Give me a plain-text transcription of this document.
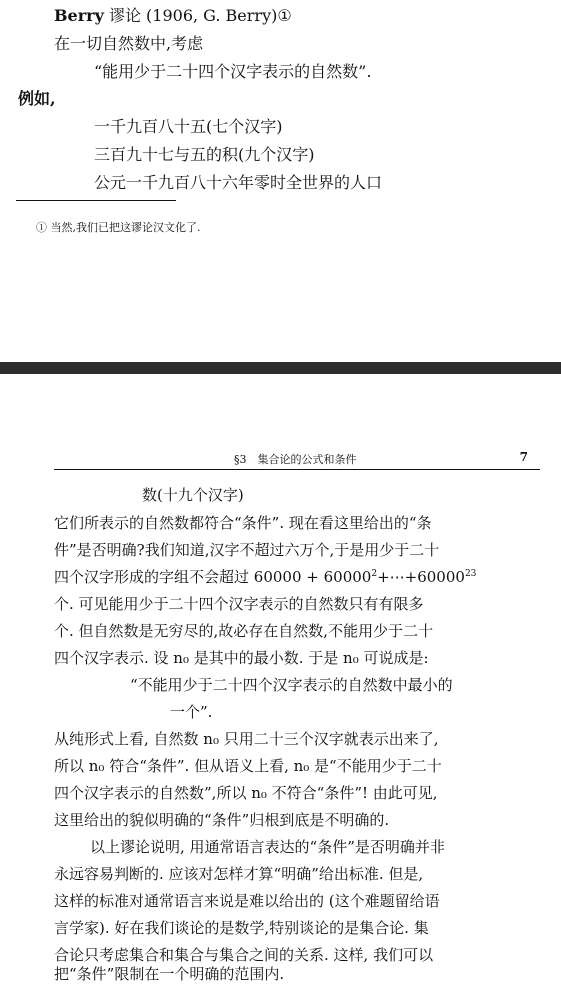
Berry 谬论 (1906, G. Berry)①
在一切自然数中,考虑
“能用少于二十四个汉字表示的自然数”.
例如,
一千九百八十五(七个汉字)
三百九十七与五的积(九个汉字)
公元一千九百八十六年零时全世界的人口
① 当然,我们已把这谬论汉文化了.
§3　集合论的公式和条件	7
数(十九个汉字)
它们所表示的自然数都符合“条件”. 现在看这里给出的“条
件”是否明确?我们知道,汉字不超过六万个,于是用少于二十
四个汉字形成的字组不会超过 $60000 + 60000^2+\cdots+60000^{23}$
个. 可见能用少于二十四个汉字表示的自然数只有有限多
个. 但自然数是无穷尽的,故必存在自然数,不能用少于二十
四个汉字表示. 设 n₀ 是其中的最小数. 于是 n₀ 可说成是:
“不能用少于二十四个汉字表示的自然数中最小的
一个”.
从纯形式上看, 自然数 n₀ 只用二十三个汉字就表示出来了,
所以 n₀ 符合“条件”. 但从语义上看, n₀ 是“不能用少于二十
四个汉字表示的自然数”,所以 n₀ 不符合“条件”! 由此可见,
这里给出的貌似明确的“条件”归根到底是不明确的.
以上谬论说明, 用通常语言表达的“条件”是否明确并非
永远容易判断的. 应该对怎样才算“明确”给出标准. 但是,
这样的标准对通常语言来说是难以给出的 (这个难题留给语
言学家). 好在我们谈论的是数学,特别谈论的是集合论. 集
合论只考虑集合和集合与集合之间的关系. 这样, 我们可以
把“条件”限制在一个明确的范围内.
